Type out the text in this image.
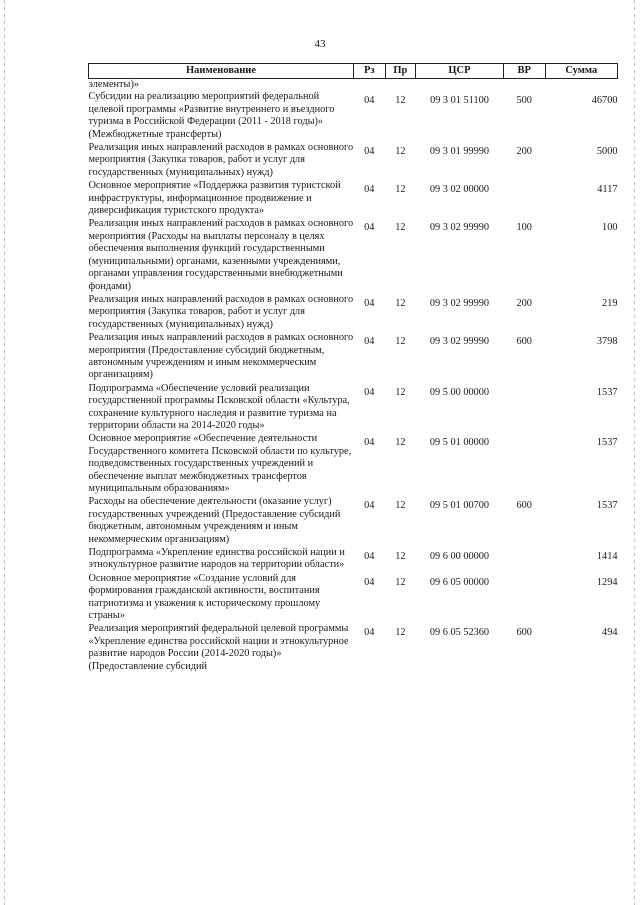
43
Наименование	Рз	Пр	ЦСР	ВР	Сумма
элементы)»					
Субсидии на реализацию мероприятий федеральной целевой программы «Развитие внутреннего и въездного туризма в Российской Федерации (2011 - 2018 годы)» (Межбюджетные трансферты)	04	12	09 3 01 51100	500	46700
Реализация иных направлений расходов в рамках основного мероприятия (Закупка товаров, работ и услуг для государственных (муниципальных) нужд)	04	12	09 3 01 99990	200	5000
Основное мероприятие «Поддержка развития туристской инфраструктуры, информационное продвижение и диверсификация туристского продукта»	04	12	09 3 02 00000		4117
Реализация иных направлений расходов в рамках основного мероприятия (Расходы на выплаты персоналу в целях обеспечения выполнения функций государственными (муниципальными) органами, казенными учреждениями, органами управления государственными внебюджетными фондами)	04	12	09 3 02 99990	100	100
Реализация иных направлений расходов в рамках основного мероприятия (Закупка товаров, работ и услуг для государственных (муниципальных) нужд)	04	12	09 3 02 99990	200	219
Реализация иных направлений расходов в рамках основного мероприятия (Предоставление субсидий бюджетным, автономным учреждениям и иным некоммерческим организациям)	04	12	09 3 02 99990	600	3798
Подпрограмма «Обеспечение условий реализации государственной программы Псковской области «Культура, сохранение культурного наследия и развитие туризма на территории области на 2014-2020 годы»	04	12	09 5 00 00000		1537
Основное мероприятие «Обеспечение деятельности Государственного комитета Псковской области по культуре, подведомственных государственных учреждений и обеспечение выплат межбюджетных трансфертов муниципальным образованиям»	04	12	09 5 01 00000		1537
Расходы на обеспечение деятельности (оказание услуг) государственных учреждений (Предоставление субсидий бюджетным, автономным учреждениям и иным некоммерческим организациям)	04	12	09 5 01 00700	600	1537
Подпрограмма «Укрепление единства российской нации и этнокультурное развитие народов на территории области»	04	12	09 6 00 00000		1414
Основное мероприятие «Создание условий для формирования гражданской активности, воспитания патриотизма и уважения к историческому прошлому страны»	04	12	09 6 05 00000		1294
Реализация мероприятий федеральной целевой программы «Укрепление единства российской нации и этнокультурное развитие народов России (2014-2020 годы)» (Предоставление субсидий	04	12	09 6 05 52360	600	494
